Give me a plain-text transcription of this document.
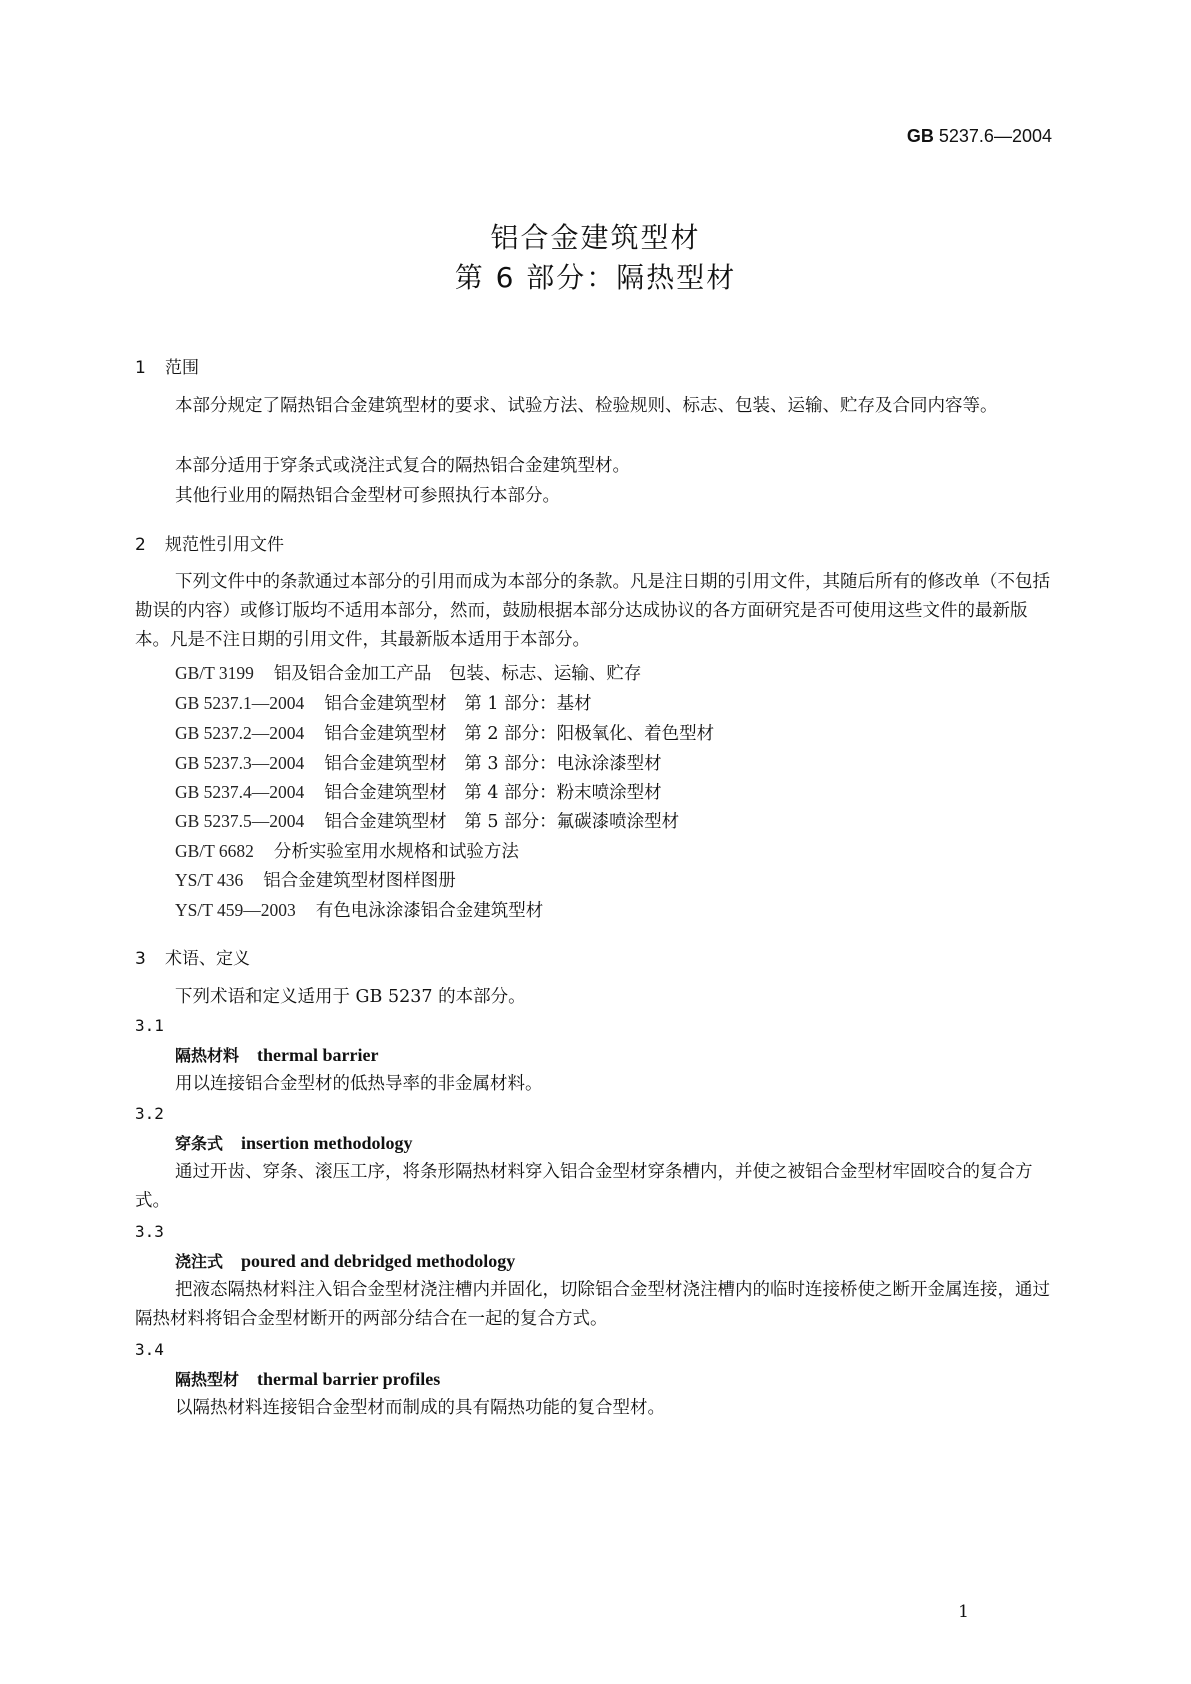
GB 5237.6—2004
铝合金建筑型材
第 6 部分：隔热型材
1 范围
本部分规定了隔热铝合金建筑型材的要求、试验方法、检验规则、标志、包装、运输、贮存及合同内容等。
本部分适用于穿条式或浇注式复合的隔热铝合金建筑型材。
其他行业用的隔热铝合金型材可参照执行本部分。
2 规范性引用文件
下列文件中的条款通过本部分的引用而成为本部分的条款。凡是注日期的引用文件，其随后所有的修改单（不包括勘误的内容）或修订版均不适用本部分，然而，鼓励根据本部分达成协议的各方面研究是否可使用这些文件的最新版本。凡是不注日期的引用文件，其最新版本适用于本部分。
GB/T 3199 铝及铝合金加工产品　包装、标志、运输、贮存
GB 5237.1—2004 铝合金建筑型材　第 1 部分：基材
GB 5237.2—2004 铝合金建筑型材　第 2 部分：阳极氧化、着色型材
GB 5237.3—2004 铝合金建筑型材　第 3 部分：电泳涂漆型材
GB 5237.4—2004 铝合金建筑型材　第 4 部分：粉末喷涂型材
GB 5237.5—2004 铝合金建筑型材　第 5 部分：氟碳漆喷涂型材
GB/T 6682 分析实验室用水规格和试验方法
YS/T 436 铝合金建筑型材图样图册
YS/T 459—2003 有色电泳涂漆铝合金建筑型材
3 术语、定义
下列术语和定义适用于 GB 5237 的本部分。
3.1
隔热材料 thermal barrier
用以连接铝合金型材的低热导率的非金属材料。
3.2
穿条式 insertion methodology
通过开齿、穿条、滚压工序，将条形隔热材料穿入铝合金型材穿条槽内，并使之被铝合金型材牢固咬合的复合方式。
3.3
浇注式 poured and debridged methodology
把液态隔热材料注入铝合金型材浇注槽内并固化，切除铝合金型材浇注槽内的临时连接桥使之断开金属连接，通过隔热材料将铝合金型材断开的两部分结合在一起的复合方式。
3.4
隔热型材 thermal barrier profiles
以隔热材料连接铝合金型材而制成的具有隔热功能的复合型材。
1
